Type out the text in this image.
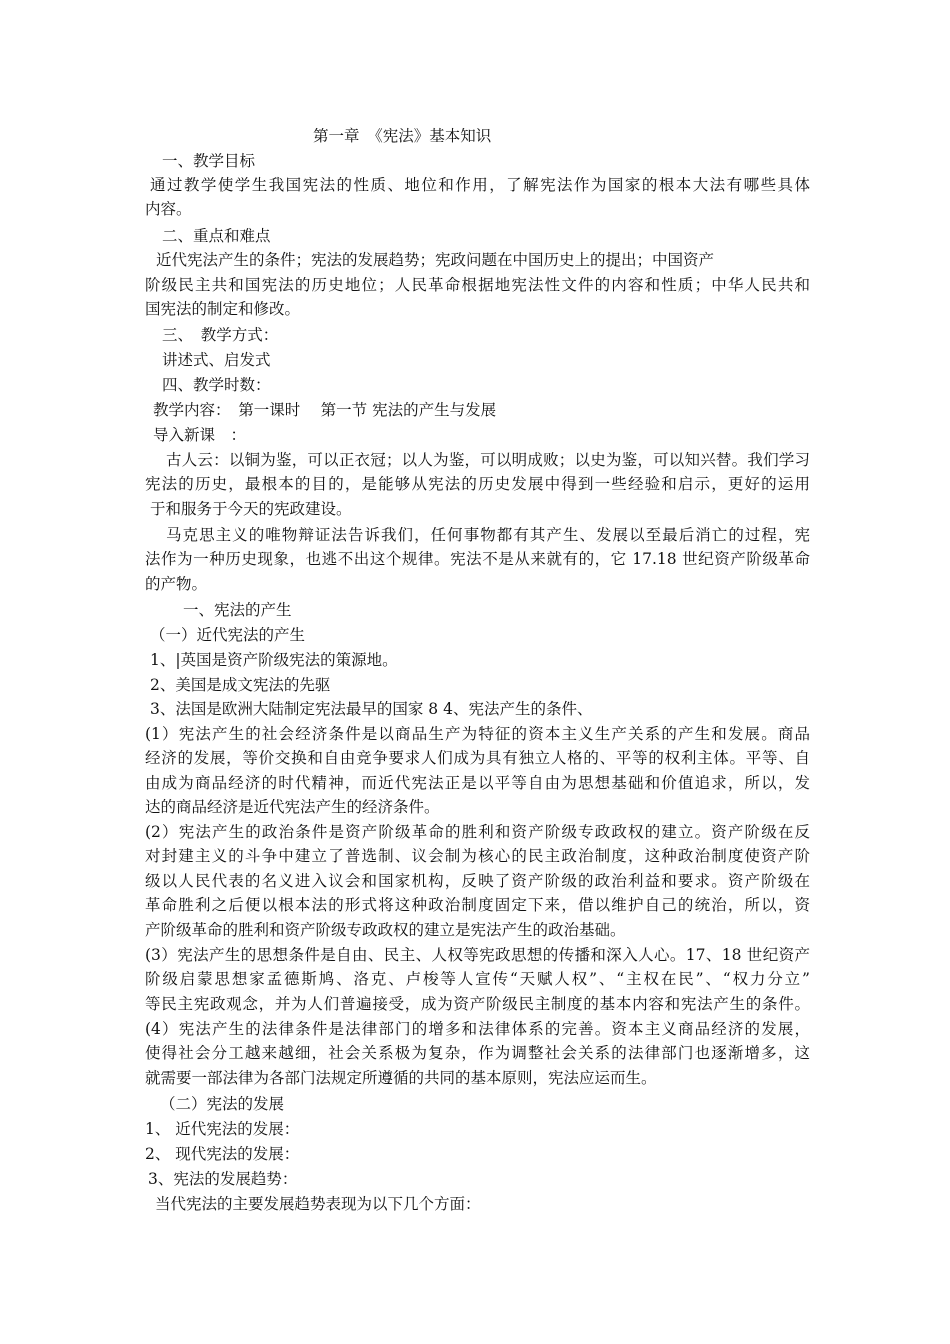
第一章　《宪法》基本知识
一、教学目标
通过教学使学生我国宪法的性质、地位和作用，了解宪法作为国家的根本大法有哪些具体
内容。
二、重点和难点
近代宪法产生的条件；宪法的发展趋势；宪政问题在中国历史上的提出；中国资产
阶级民主共和国宪法的历史地位；人民革命根据地宪法性文件的内容和性质；中华人民共和
国宪法的制定和修改。
三、　教学方式：
讲述式、启发式
四、教学时数：
教学内容：　第一课时　 第一节 宪法的产生与发展
导入新课　：
古人云：以铜为鉴，可以正衣冠；以人为鉴，可以明成败；以史为鉴，可以知兴替。我们学习
宪法的历史，最根本的目的，是能够从宪法的历史发展中得到一些经验和启示，更好的运用
于和服务于今天的宪政建设。
马克思主义的唯物辩证法告诉我们，任何事物都有其产生、发展以至最后消亡的过程，宪
法作为一种历史现象，也逃不出这个规律。宪法不是从来就有的，它 17.18 世纪资产阶级革命
的产物。
一、宪法的产生
（一）近代宪法的产生
1、|英国是资产阶级宪法的策源地。
2、美国是成文宪法的先驱
3、法国是欧洲大陆制定宪法最早的国家 8 4、宪法产生的条件、
(1）宪法产生的社会经济条件是以商品生产为特征的资本主义生产关系的产生和发展。商品
经济的发展，等价交换和自由竞争要求人们成为具有独立人格的、平等的权利主体。平等、自
由成为商品经济的时代精神，而近代宪法正是以平等自由为思想基础和价值追求，所以，发
达的商品经济是近代宪法产生的经济条件。
(2）宪法产生的政治条件是资产阶级革命的胜利和资产阶级专政政权的建立。资产阶级在反
对封建主义的斗争中建立了普选制、议会制为核心的民主政治制度，这种政治制度使资产阶
级以人民代表的名义进入议会和国家机构，反映了资产阶级的政治利益和要求。资产阶级在
革命胜利之后便以根本法的形式将这种政治制度固定下来，借以维护自己的统治，所以，资
产阶级革命的胜利和资产阶级专政政权的建立是宪法产生的政治基础。
(3）宪法产生的思想条件是自由、民主、人权等宪政思想的传播和深入人心。17、18 世纪资产
阶级启蒙思想家孟德斯鸠、洛克、卢梭等人宣传“天赋人权”、“主权在民”、“权力分立”
等民主宪政观念，并为人们普遍接受，成为资产阶级民主制度的基本内容和宪法产生的条件。
(4）宪法产生的法律条件是法律部门的增多和法律体系的完善。资本主义商品经济的发展，
使得社会分工越来越细，社会关系极为复杂，作为调整社会关系的法律部门也逐渐增多，这
就需要一部法律为各部门法规定所遵循的共同的基本原则，宪法应运而生。
（二）宪法的发展
1、 近代宪法的发展：
2、 现代宪法的发展：
3、宪法的发展趋势：
当代宪法的主要发展趋势表现为以下几个方面：
